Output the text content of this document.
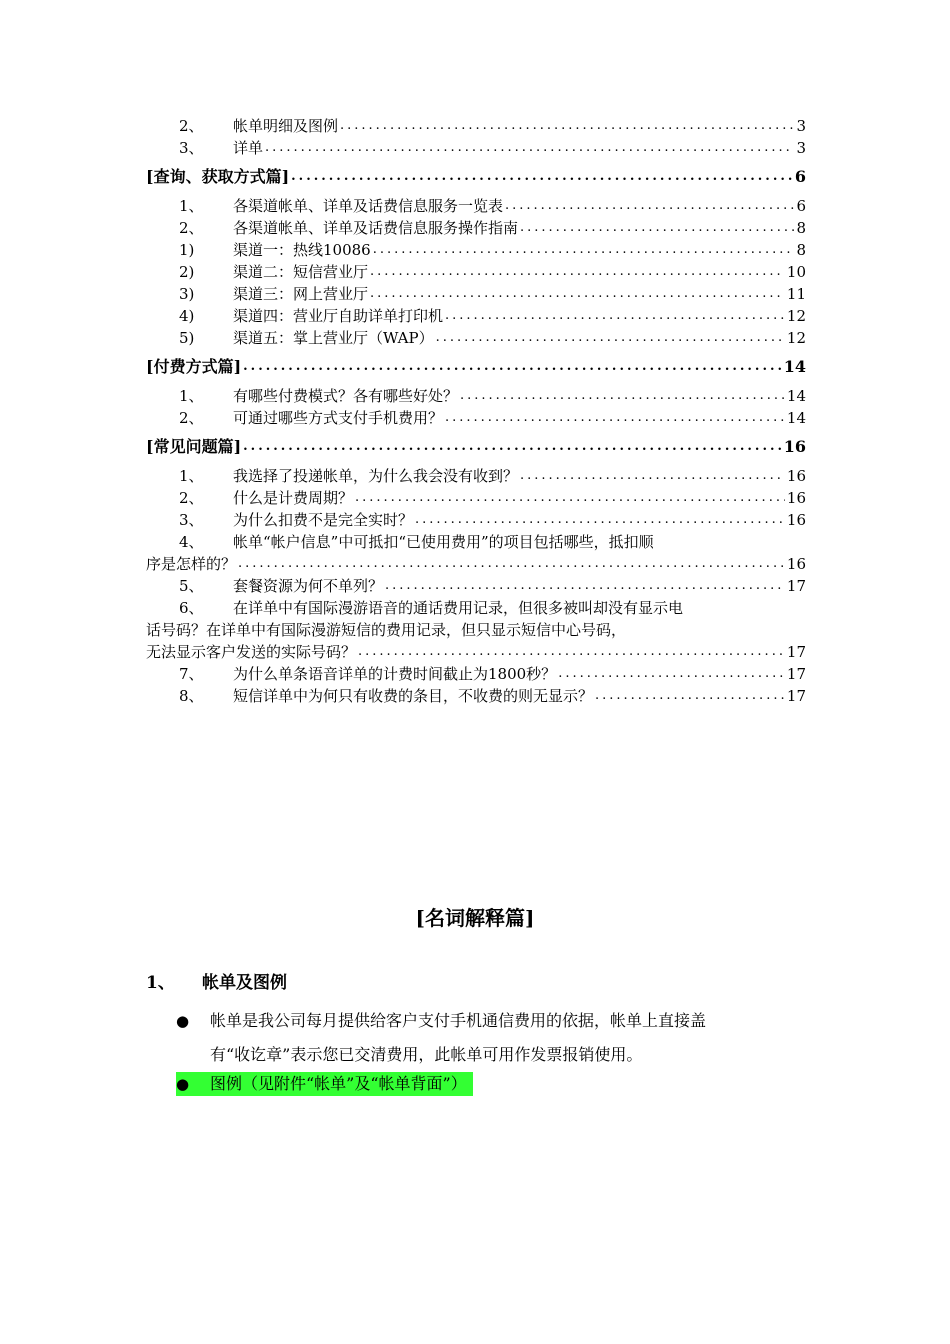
2、	帐单明细及图例 .....	3
3、	详单 .....	3
[查询、获取方式篇] .....	6
1、	各渠道帐单、详单及话费信息服务一览表 .....	6
2、	各渠道帐单、详单及话费信息服务操作指南 .....	8
1)	渠道一：热线10086 .....	8
2)	渠道二：短信营业厅 .....	10
3)	渠道三：网上营业厅 .....	11
4)	渠道四：营业厅自助详单打印机 .....	12
5)	渠道五：掌上营业厅（WAP） .....	12
[付费方式篇] .....	14
1、	有哪些付费模式？各有哪些好处？ .....	14
2、	可通过哪些方式支付手机费用？ .....	14
[常见问题篇] .....	16
1、	我选择了投递帐单，为什么我会没有收到？ .....	16
2、	什么是计费周期？ .....	16
3、	为什么扣费不是完全实时？ .....	16
4、 帐单“帐户信息”中可抵扣“已使用费用”的项目包括哪些，抵扣顺
序是怎样的？ .....	16
5、	套餐资源为何不单列？ .....	17
6、 在详单中有国际漫游语音的通话费用记录，但很多被叫却没有显示电
话号码？在详单中有国际漫游短信的费用记录，但只显示短信中心号码，
无法显示客户发送的实际号码？ .....	17
7、	为什么单条语音详单的计费时间截止为1800秒？ .....	17
8、	短信详单中为何只有收费的条目，不收费的则无显示？ .....	17
[名词解释篇]
1、	帐单及图例
●
帐单是我公司每月提供给客户支付手机通信费用的依据，帐单上直接盖
有“收讫章”表示您已交清费用，此帐单可用作发票报销使用。
●图例（见附件“帐单”及“帐单背面”）
